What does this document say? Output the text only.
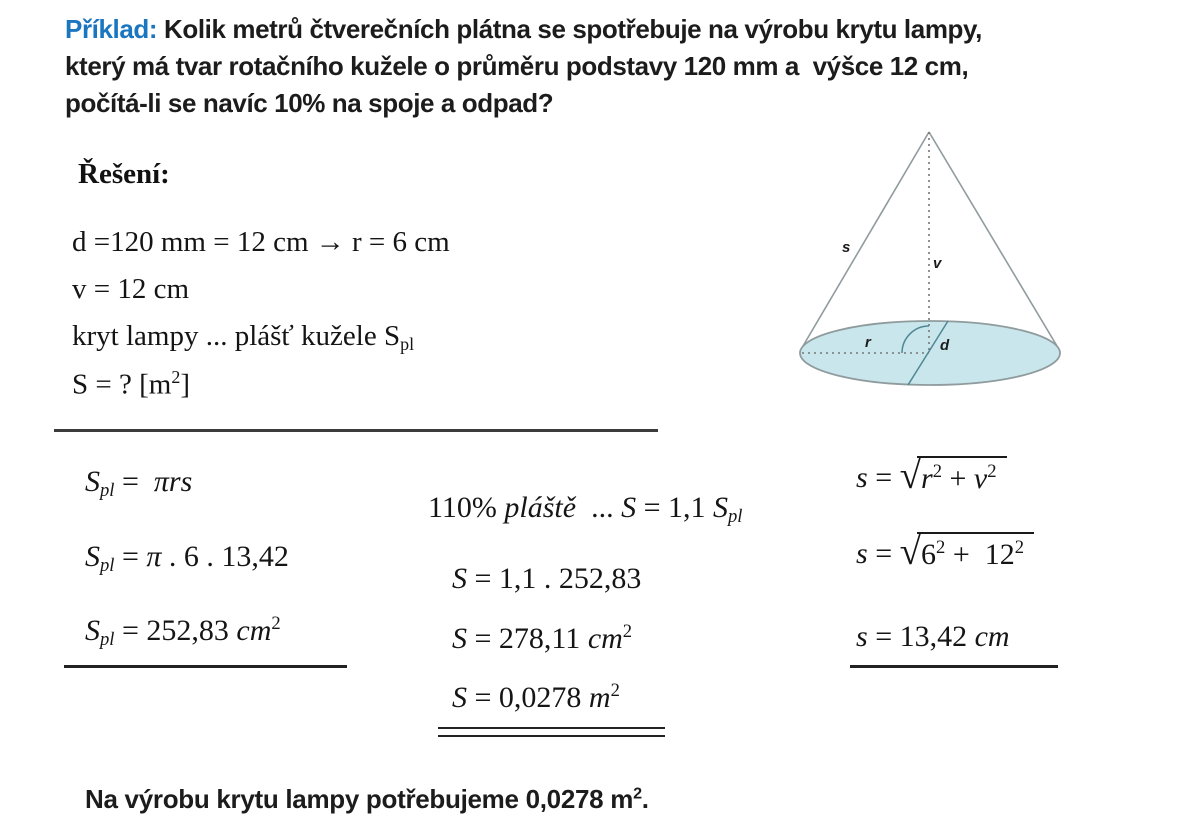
Příklad: Kolik metrů čtverečních plátna se spotřebuje na výrobu krytu lampy,
který má tvar rotačního kužele o průměru podstavy 120 mm a  výšce 12 cm,
počítá-li se navíc 10% na spoje a odpad?
Řešení:
d =120 mm = 12 cm → r = 6 cm
v = 12 cm
kryt lampy ... plášť kužele $S_{pl}$
S = ? $[m^2]$
s
v
r	d
$S_{pl} = \pi rs$
$S_{pl} = \pi$ . 6 . 13,42
$S_{pl} = 252,83$ $cm^2$
110% pláště  ... S = 1,1 $S_{pl}$
S = 1,1 . 252,83
S = 278,11 $cm^2$
S = 0,0278 $m^2$
s = √ $r^2 + v^2$
s = √ $6^2 + 12^2$
s = 13,42 cm
Na výrobu krytu lampy potřebujeme 0,0278 $m^2$.
